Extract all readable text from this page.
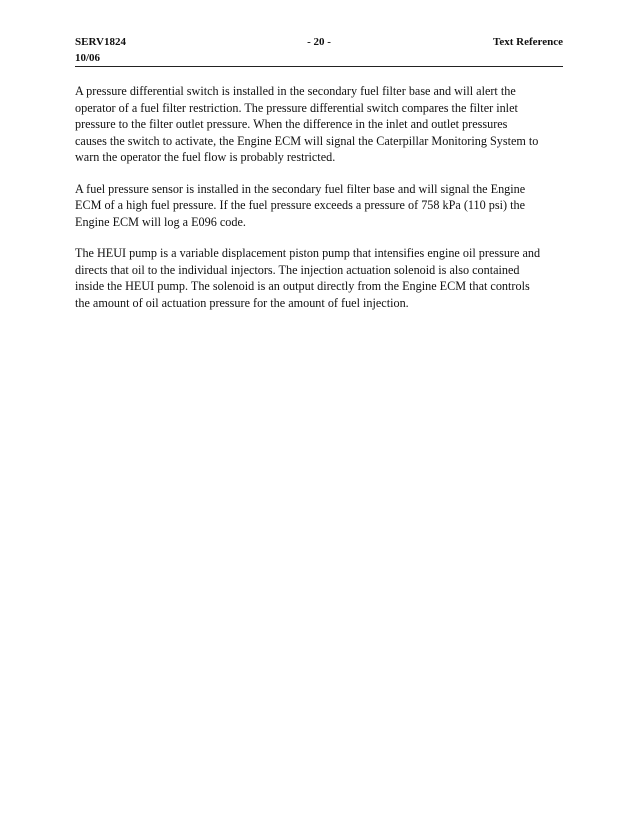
SERV1824	- 20 -	Text Reference
10/06

A pressure differential switch is installed in the secondary fuel filter base and will alert the
operator of a fuel filter restriction. The pressure differential switch compares the filter inlet
pressure to the filter outlet pressure. When the difference in the inlet and outlet pressures
causes the switch to activate, the Engine ECM will signal the Caterpillar Monitoring System to
warn the operator the fuel flow is probably restricted.

A fuel pressure sensor is installed in the secondary fuel filter base and will signal the Engine
ECM of a high fuel pressure. If the fuel pressure exceeds a pressure of 758 kPa (110 psi) the
Engine ECM will log a E096 code.

The HEUI pump is a variable displacement piston pump that intensifies engine oil pressure and
directs that oil to the individual injectors. The injection actuation solenoid is also contained
inside the HEUI pump. The solenoid is an output directly from the Engine ECM that controls
the amount of oil actuation pressure for the amount of fuel injection.
